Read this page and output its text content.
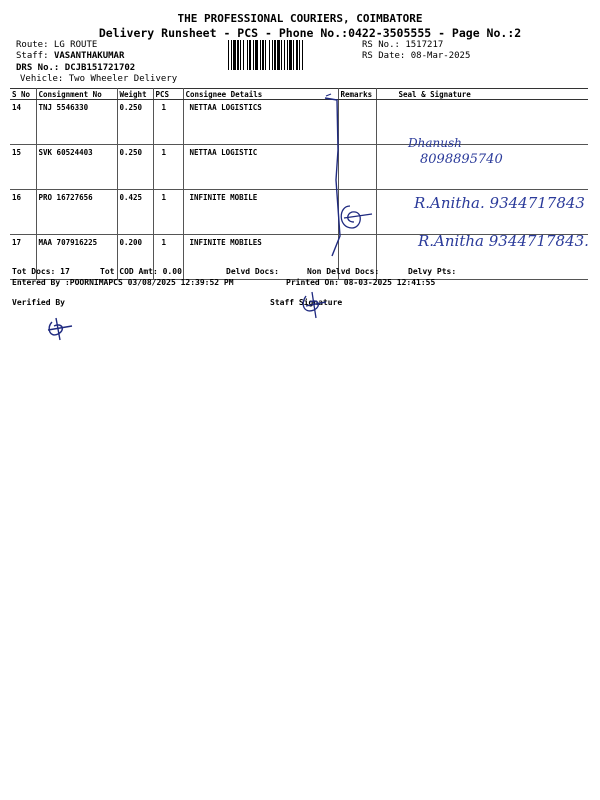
THE PROFESSIONAL COURIERS, COIMBATORE
Delivery Runsheet - PCS - Phone No.:0422-3505555 - Page No.:2
Route: LG ROUTE
Staff: VASANTHAKUMAR
DRS No.: DCJB151721702
Vehicle: Two Wheeler Delivery
RS No.: 1517217
RS Date: 08-Mar-2025
S No	Consignment No	Weight	PCS	Consignee Details	Remarks	Seal & Signature
14	TNJ 5546330	0.250	1	NETTAA LOGISTICS		
15	SVK 60524403	0.250	1	NETTAA LOGISTIC		
16	PRO 16727656	0.425	1	INFINITE MOBILE		
17	MAA 707916225	0.200	1	INFINITE MOBILES		
Tot Docs: 17	Tot COD Amt: 0.00	Delvd Docs:	Non Delvd Docs:	Delvy Pts:
Entered By :POORNIMAPCS 03/08/2025 12:39:52 PM	Printed On: 08-03-2025 12:41:55
Verified By	Staff Signature
Dhanush
8098895740
R.Anitha. 9344717843
R.Anitha 9344717843.
